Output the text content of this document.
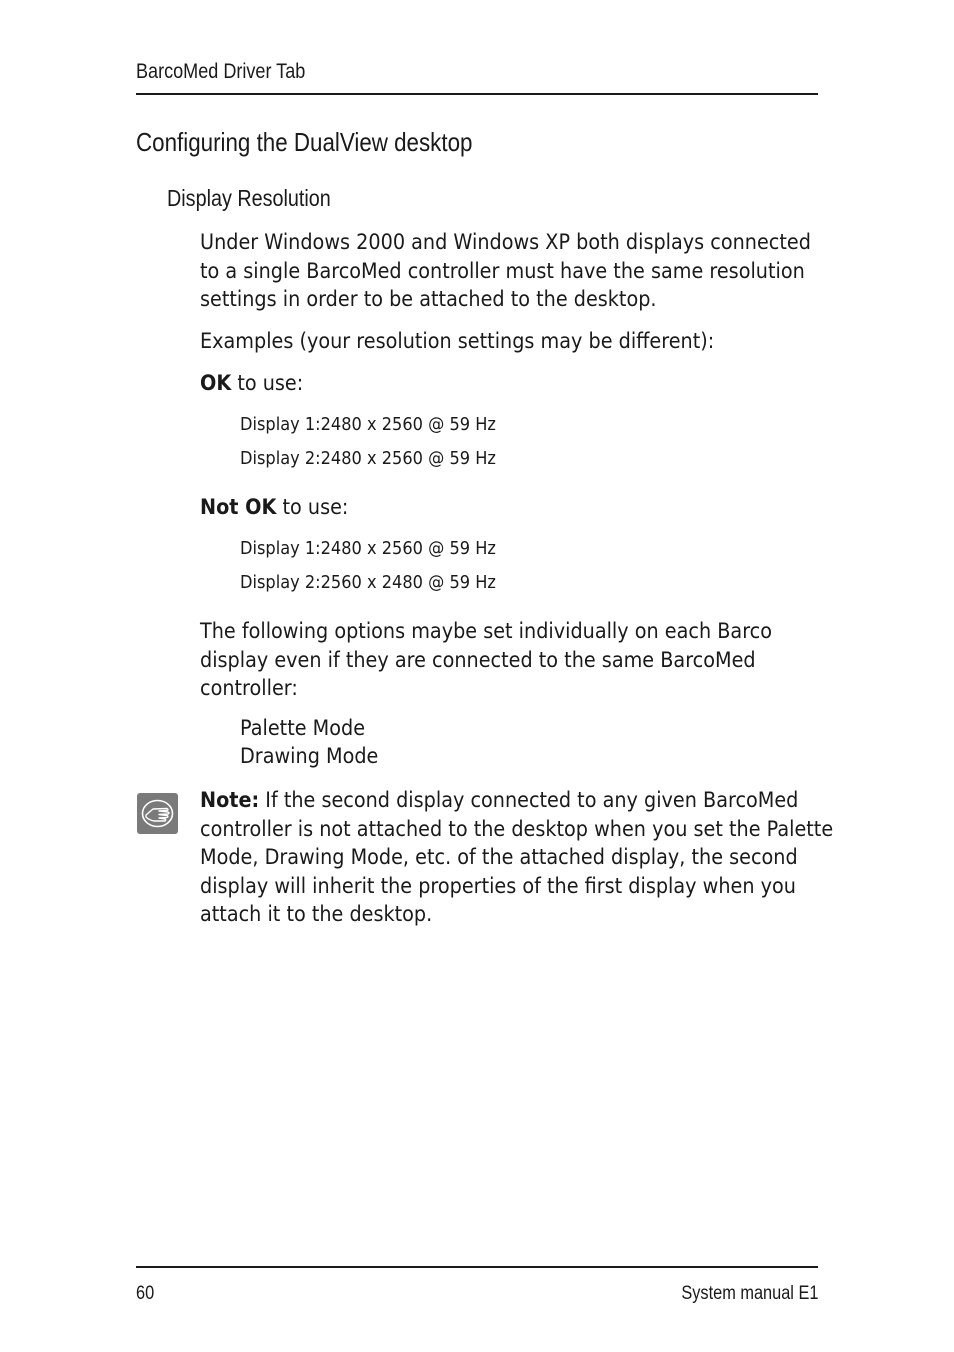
BarcoMed Driver Tab
Configuring the DualView desktop
Display Resolution
Under Windows 2000 and Windows XP both displays connected
to a single BarcoMed controller must have the same resolution
settings in order to be attached to the desktop.
Examples (your resolution settings may be different):
OK to use:
Display 1:2480 x 2560 @ 59 Hz
Display 2:2480 x 2560 @ 59 Hz
Not OK to use:
Display 1:2480 x 2560 @ 59 Hz
Display 2:2560 x 2480 @ 59 Hz
The following options maybe set individually on each Barco
display even if they are connected to the same BarcoMed
controller:
Palette Mode
Drawing Mode
Note: If the second display connected to any given BarcoMed
controller is not attached to the desktop when you set the Palette
Mode, Drawing Mode, etc. of the attached display, the second
display will inherit the properties of the first display when you
attach it to the desktop.
60	System manual E1
